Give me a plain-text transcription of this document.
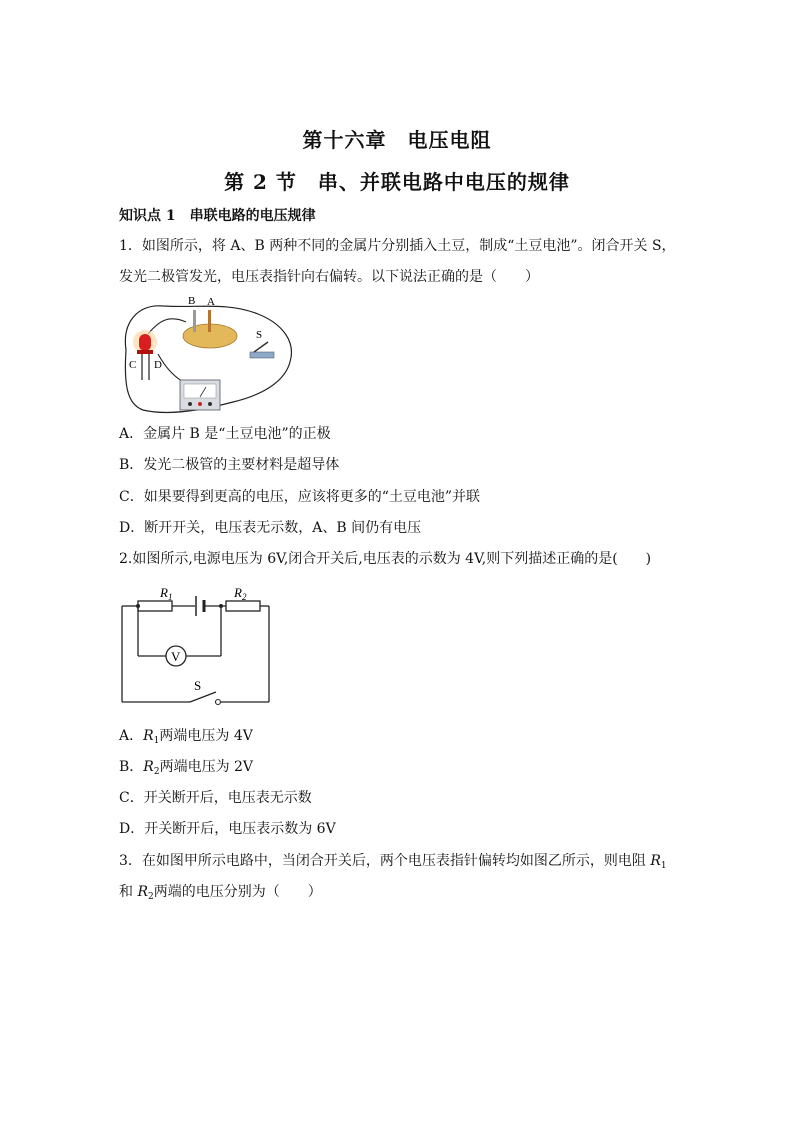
第十六章　电压电阻
第 2 节　串、并联电路中电压的规律
知识点 1　串联电路的电压规律
1．如图所示，将 A、B 两种不同的金属片分别插入土豆，制成“土豆电池”。闭合开关 S，
发光二极管发光，电压表指针向右偏转。以下说法正确的是（　　）
B A
C D
S
A．金属片 B 是“土豆电池”的正极
B．发光二极管的主要材料是超导体
C．如果要得到更高的电压，应该将更多的“土豆电池”并联
D．断开开关，电压表无示数，A、B 间仍有电压
2.如图所示,电源电压为 6V,闭合开关后,电压表的示数为 4V,则下列描述正确的是(　　)
V
$R_1$	$R_2$
S
A．$R_1$两端电压为 4V
B．$R_2$两端电压为 2V
C．开关断开后，电压表无示数
D．开关断开后，电压表示数为 6V
3．在如图甲所示电路中，当闭合开关后，两个电压表指针偏转均如图乙所示，则电阻 $R_1$
和 $R_2$两端的电压分别为（　　）
